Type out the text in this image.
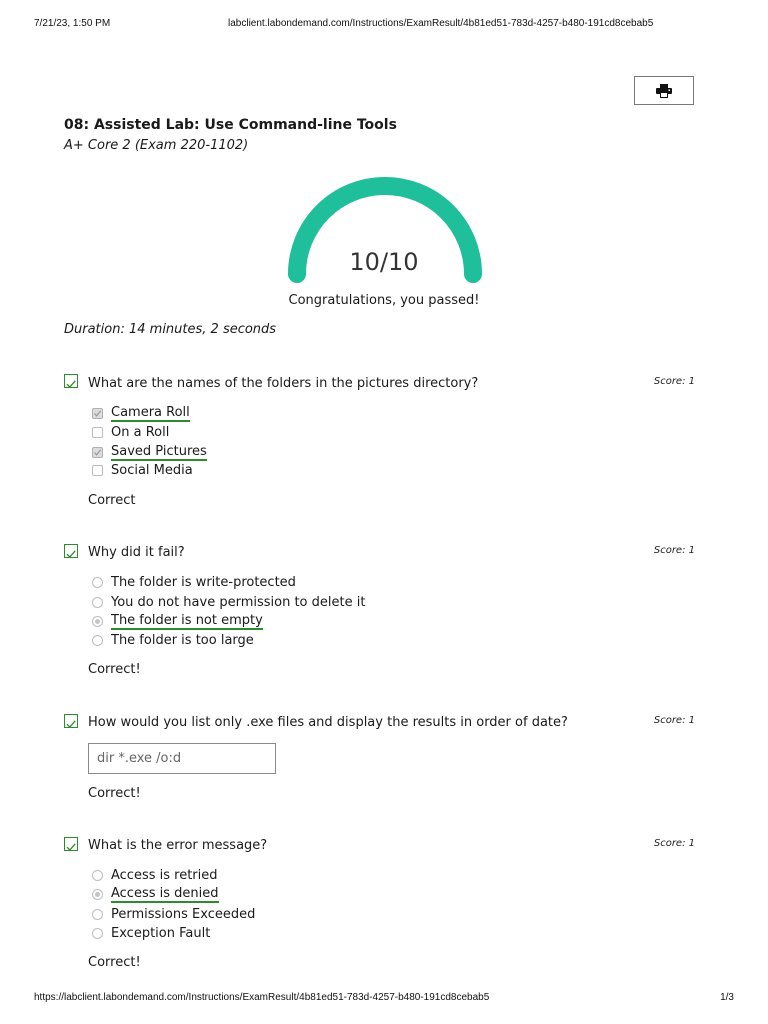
7/21/23, 1:50 PM	labclient.labondemand.com/Instructions/ExamResult/4b81ed51-783d-4257-b480-191cd8cebab5
08: Assisted Lab: Use Command-line Tools
A+ Core 2 (Exam 220-1102)
10/10
Congratulations, you passed!
Duration: 14 minutes, 2 seconds
What are the names of the folders in the pictures directory?	Score: 1
Camera Roll
On a Roll
Saved Pictures
Social Media
Correct
Why did it fail?	Score: 1
The folder is write-protected
You do not have permission to delete it
The folder is not empty
The folder is too large
Correct!
How would you list only .exe files and display the results in order of date?	Score: 1
dir *.exe /o:d
Correct!
What is the error message?	Score: 1
Access is retried
Access is denied
Permissions Exceeded
Exception Fault
Correct!
https://labclient.labondemand.com/Instructions/ExamResult/4b81ed51-783d-4257-b480-191cd8cebab5	1/3
